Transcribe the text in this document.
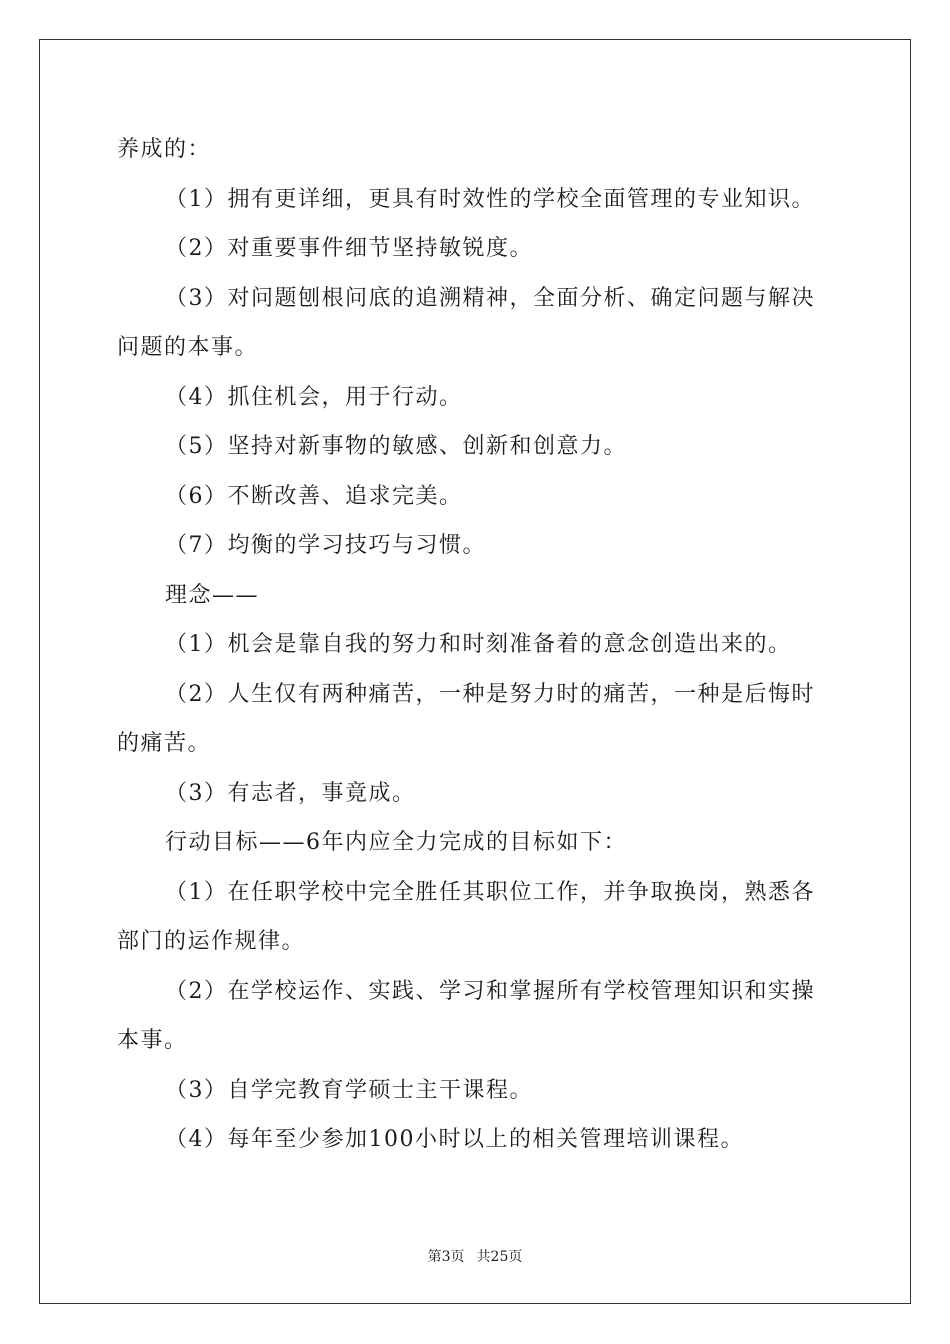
养成的：

（1）拥有更详细，更具有时效性的学校全面管理的专业知识。

（2）对重要事件细节坚持敏锐度。

（3）对问题刨根问底的追溯精神，全面分析、确定问题与解决问题的本事。

（4）抓住机会，用于行动。

（5）坚持对新事物的敏感、创新和创意力。

（6）不断改善、追求完美。

（7）均衡的学习技巧与习惯。

理念——

（1）机会是靠自我的努力和时刻准备着的意念创造出来的。

（2）人生仅有两种痛苦，一种是努力时的痛苦，一种是后悔时的痛苦。

（3）有志者，事竟成。

行动目标——6年内应全力完成的目标如下：

（1）在任职学校中完全胜任其职位工作，并争取换岗，熟悉各部门的运作规律。

（2）在学校运作、实践、学习和掌握所有学校管理知识和实操本事。

（3）自学完教育学硕士主干课程。

（4）每年至少参加100小时以上的相关管理培训课程。

第3页 共25页
